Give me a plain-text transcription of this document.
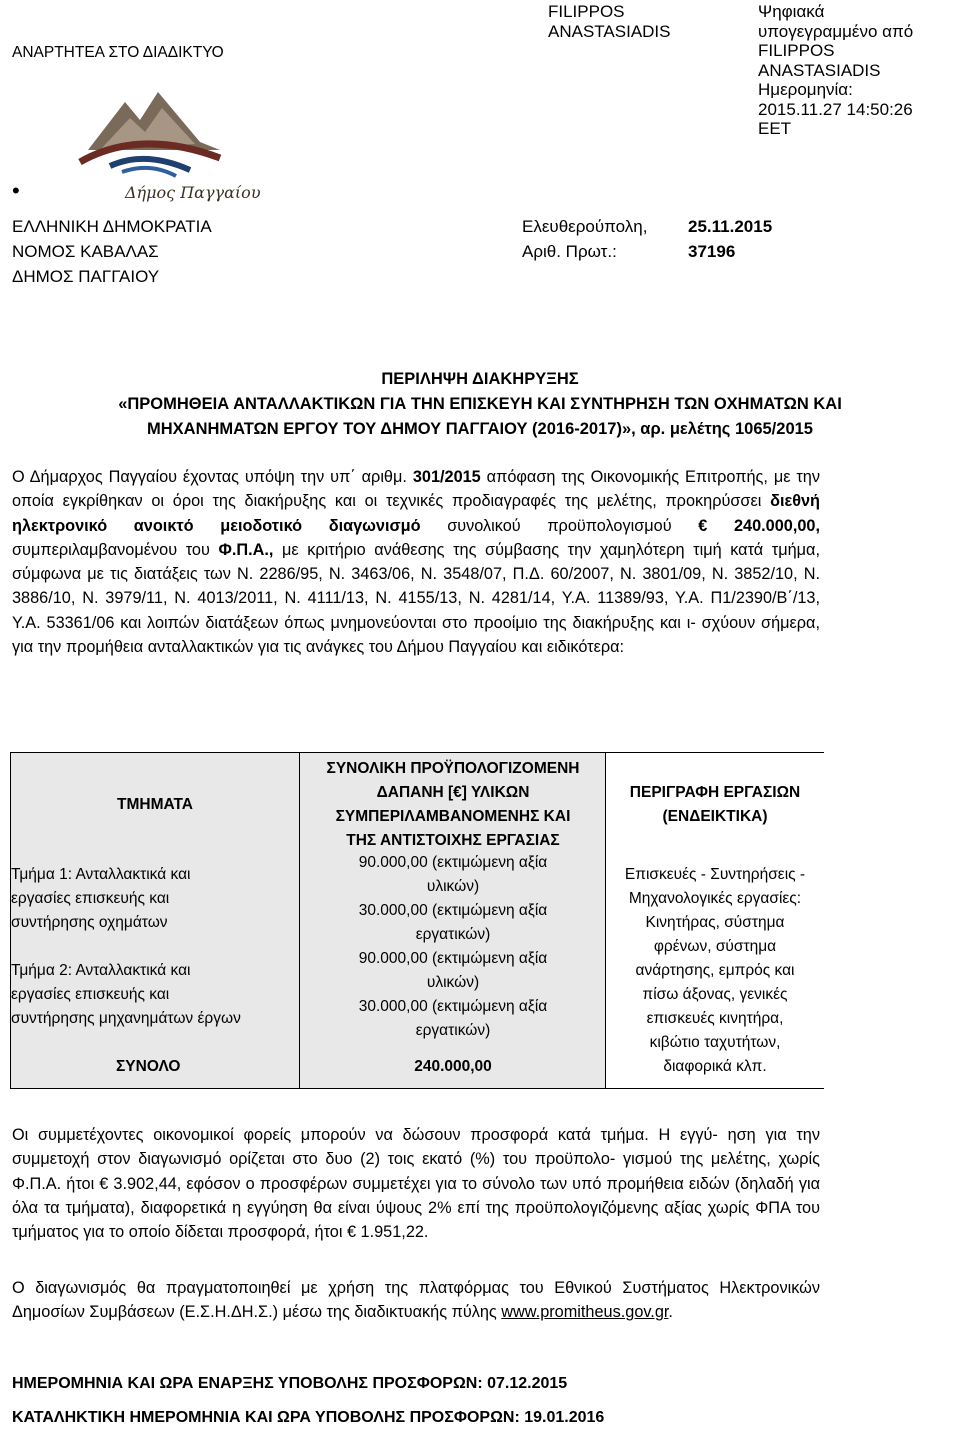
ΑΝΑΡΤΗΤΕΑ ΣΤΟ ΔΙΑΔΙΚΤΥΟ
FILIPPOS
ANASTASIADIS
Ψηφιακά
υπογεγραμμένο από
FILIPPOS
ANASTASIADIS
Ημερομηνία:
2015.11.27 14:50:26
EET
Δήμος Παγγαίου
•
ΕΛΛΗΝΙΚΗ ΔΗΜΟΚΡΑΤΙΑ
ΝΟΜΟΣ ΚΑΒΑΛΑΣ
ΔΗΜΟΣ ΠΑΓΓΑΙΟΥ
Ελευθερούπολη,
Αριθ. Πρωτ.:
25.11.2015
37196
ΠΕΡΙΛΗΨΗ ΔΙΑΚΗΡΥΞΗΣ
«ΠΡΟΜΗΘΕΙΑ ΑΝΤΑΛΛΑΚΤΙΚΩΝ ΓΙΑ ΤΗΝ ΕΠΙΣΚΕΥΗ ΚΑΙ ΣΥΝΤΗΡΗΣΗ ΤΩΝ ΟΧΗΜΑΤΩΝ ΚΑΙ
ΜΗΧΑΝΗΜΑΤΩΝ ΕΡΓΟΥ ΤΟΥ ΔΗΜΟΥ ΠΑΓΓΑΙΟΥ (2016-2017)», αρ. μελέτης 1065/2015
Ο Δήμαρχος Παγγαίου έχοντας υπόψη την υπ΄ αριθμ. 301/2015 απόφαση της Οικονομικής Επιτροπής, με την οποία εγκρίθηκαν οι όροι της διακήρυξης και οι τεχνικές προδιαγραφές της μελέτης, προκηρύσσει διεθνή ηλεκτρονικό ανοικτό μειοδοτικό διαγωνισμό συνολικού προϋπολογισμού € 240.000,00, συμπεριλαμβανομένου του Φ.Π.Α., με κριτήριο ανάθεσης της σύμβασης την χαμηλότερη τιμή κατά τμήμα, σύμφωνα με τις διατάξεις των Ν. 2286/95, Ν. 3463/06, Ν. 3548/07, Π.Δ. 60/2007, Ν. 3801/09, Ν. 3852/10, Ν. 3886/10, Ν. 3979/11, Ν. 4013/2011, Ν. 4111/13, Ν. 4155/13, Ν. 4281/14, Υ.Α. 11389/93, Υ.Α. Π1/2390/Β΄/13, Υ.Α. 53361/06 και λοιπών διατάξεων όπως μνημονεύονται στο προοίμιο της διακήρυξης και ι- σχύουν σήμερα, για την προμήθεια ανταλλακτικών για τις ανάγκες του Δήμου Παγγαίου και ειδικότερα:
ΤΜΗΜΑΤΑ
Τμήμα 1: Ανταλλακτικά και
εργασίες επισκευής και
συντήρησης οχημάτων
Τμήμα 2: Ανταλλακτικά και
εργασίες επισκευής και
συντήρησης μηχανημάτων έργων
ΣΥΝΟΛΟ
ΣΥΝΟΛΙΚΗ ΠΡΟΫΠΟΛΟΓΙΖΟΜΕΝΗ
ΔΑΠΑΝΗ [€] ΥΛΙΚΩΝ
ΣΥΜΠΕΡΙΛΑΜΒΑΝΟΜΕΝΗΣ ΚΑΙ
ΤΗΣ ΑΝΤΙΣΤΟΙΧΗΣ ΕΡΓΑΣΙΑΣ
90.000,00 (εκτιμώμενη αξία
υλικών)
30.000,00 (εκτιμώμενη αξία
εργατικών)
90.000,00 (εκτιμώμενη αξία
υλικών)
30.000,00 (εκτιμώμενη αξία
εργατικών)
240.000,00
ΠΕΡΙΓΡΑΦΗ ΕΡΓΑΣΙΩΝ
(ΕΝΔΕΙΚΤΙΚΑ)
Επισκευές - Συντηρήσεις -
Μηχανολογικές εργασίες:
Κινητήρας, σύστημα
φρένων, σύστημα
ανάρτησης, εμπρός και
πίσω άξονας, γενικές
επισκευές κινητήρα,
κιβώτιο ταχυτήτων,
διαφορικά κλπ.
Οι συμμετέχοντες οικονομικοί φορείς μπορούν να δώσουν προσφορά κατά τμήμα. Η εγγύ- ηση για την συμμετοχή στον διαγωνισμό ορίζεται στο δυο (2) τοις εκατό (%) του προϋπολο- γισμού της μελέτης, χωρίς Φ.Π.Α. ήτοι € 3.902,44, εφόσον ο προσφέρων συμμετέχει για το σύνολο των υπό προμήθεια ειδών (δηλαδή για όλα τα τμήματα), διαφορετικά η εγγύηση θα είναι ύψους 2% επί της προϋπολογιζόμενης αξίας χωρίς ΦΠΑ του τμήματος για το οποίο δίδεται προσφορά, ήτοι € 1.951,22.
Ο διαγωνισμός θα πραγματοποιηθεί με χρήση της πλατφόρμας του Εθνικού Συστήματος Ηλεκτρονικών Δημοσίων Συμβάσεων (Ε.Σ.Η.ΔΗ.Σ.) μέσω της διαδικτυακής πύλης www.promitheus.gov.gr.
ΗΜΕΡΟΜΗΝΙΑ ΚΑΙ ΩΡΑ ΕΝΑΡΞΗΣ ΥΠΟΒΟΛΗΣ ΠΡΟΣΦΟΡΩΝ: 07.12.2015
ΚΑΤΑΛΗΚΤΙΚΗ ΗΜΕΡΟΜΗΝΙΑ ΚΑΙ ΩΡΑ ΥΠΟΒΟΛΗΣ ΠΡΟΣΦΟΡΩΝ: 19.01.2016
